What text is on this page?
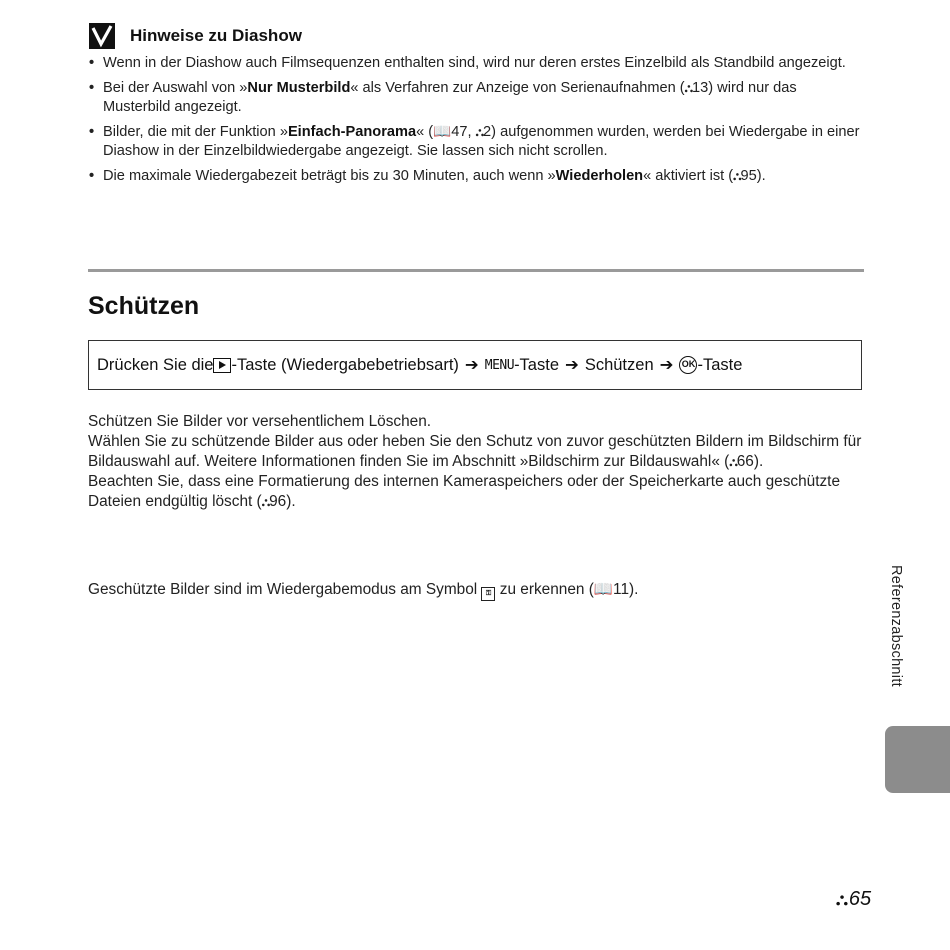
Hinweise zu Diashow
• Wenn in der Diashow auch Filmsequenzen enthalten sind, wird nur deren erstes Einzelbild als Standbild angezeigt.
• Bei der Auswahl von »Nur Musterbild« als Verfahren zur Anzeige von Serienaufnahmen (⛬13) wird nur das Musterbild angezeigt.
• Bilder, die mit der Funktion »Einfach-Panorama« (📖47, ⛬2) aufgenommen wurden, werden bei Wiedergabe in einer Diashow in der Einzelbildwiedergabe angezeigt. Sie lassen sich nicht scrollen.
• Die maximale Wiedergabezeit beträgt bis zu 30 Minuten, auch wenn »Wiederholen« aktiviert ist (⛬95).
Schützen
Drücken Sie die -Taste (Wiedergabebetriebsart) ➔ MENU -Taste ➔ Schützen ➔ OK -Taste

Schützen Sie Bilder vor versehentlichem Löschen.

Wählen Sie zu schützende Bilder aus oder heben Sie den Schutz von zuvor geschützten Bildern im Bildschirm für Bildauswahl auf. Weitere Informationen finden Sie im Abschnitt »Bildschirm zur Bildauswahl« (⛬66).

Beachten Sie, dass eine Formatierung des internen Kameraspeichers oder der Speicherkarte auch geschützte Dateien endgültig löscht (⛬96).

Geschützte Bilder sind im Wiedergabemodus am Symbol ⚿ zu erkennen (📖11).	Referenzabschnitt
⛬ 65
